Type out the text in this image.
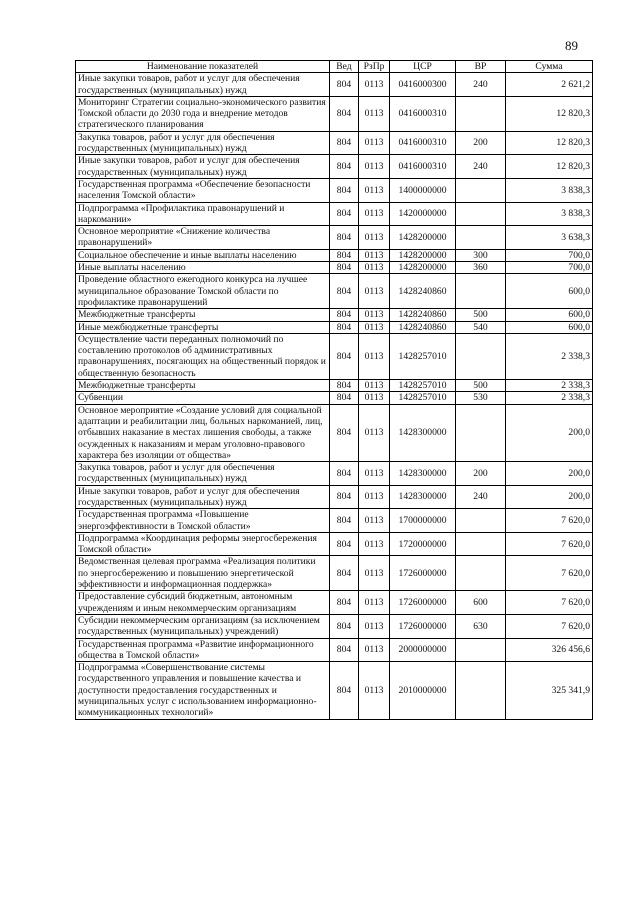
89
Наименование показателей	Вед	РзПр	ЦСР	ВР	Сумма
Иные закупки товаров, работ и услуг для обеспечения государственных (муниципальных) нужд	804	0113	0416000300	240	2 621,2
Мониторинг Стратегии социально-экономического развития Томской области до 2030 года и внедрение методов стратегического планирования	804	0113	0416000310		12 820,3
Закупка товаров, работ и услуг для обеспечения государственных (муниципальных) нужд	804	0113	0416000310	200	12 820,3
Иные закупки товаров, работ и услуг для обеспечения государственных (муниципальных) нужд	804	0113	0416000310	240	12 820,3
Государственная программа «Обеспечение безопасности населения Томской области»	804	0113	1400000000		3 838,3
Подпрограмма «Профилактика правонарушений и наркомании»	804	0113	1420000000		3 838,3
Основное мероприятие «Снижение количества правонарушений»	804	0113	1428200000		3 638,3
Социальное обеспечение и иные выплаты населению	804	0113	1428200000	300	700,0
Иные выплаты населению	804	0113	1428200000	360	700,0
Проведение областного ежегодного конкурса на лучшее муниципальное образование Томской области по профилактике правонарушений	804	0113	1428240860		600,0
Межбюджетные трансферты	804	0113	1428240860	500	600,0
Иные межбюджетные трансферты	804	0113	1428240860	540	600,0
Осуществление части переданных полномочий по составлению протоколов об административных правонарушениях, посягающих на общественный порядок и общественную безопасность	804	0113	1428257010		2 338,3
Межбюджетные трансферты	804	0113	1428257010	500	2 338,3
Субвенции	804	0113	1428257010	530	2 338,3
Основное мероприятие «Создание условий для социальной адаптации и реабилитации лиц, больных наркоманией, лиц, отбывших наказание в местах лишения свободы, а также осужденных к наказаниям и мерам уголовно-правового характера без изоляции от общества»	804	0113	1428300000		200,0
Закупка товаров, работ и услуг для обеспечения государственных (муниципальных) нужд	804	0113	1428300000	200	200,0
Иные закупки товаров, работ и услуг для обеспечения государственных (муниципальных) нужд	804	0113	1428300000	240	200,0
Государственная программа «Повышение энергоэффективности в Томской области»	804	0113	1700000000		7 620,0
Подпрограмма «Координация реформы энергосбережения Томской области»	804	0113	1720000000		7 620,0
Ведомственная целевая программа «Реализация политики по энергосбережению и повышению энергетической эффективности и информационная поддержка»	804	0113	1726000000		7 620,0
Предоставление субсидий бюджетным, автономным учреждениям и иным некоммерческим организациям	804	0113	1726000000	600	7 620,0
Субсидии некоммерческим организациям (за исключением государственных (муниципальных) учреждений)	804	0113	1726000000	630	7 620,0
Государственная программа «Развитие информационного общества в Томской области»	804	0113	2000000000		326 456,6
Подпрограмма «Совершенствование системы государственного управления и повышение качества и доступности предоставления государственных и муниципальных услуг с использованием информационно-коммуникационных технологий»	804	0113	2010000000		325 341,9
